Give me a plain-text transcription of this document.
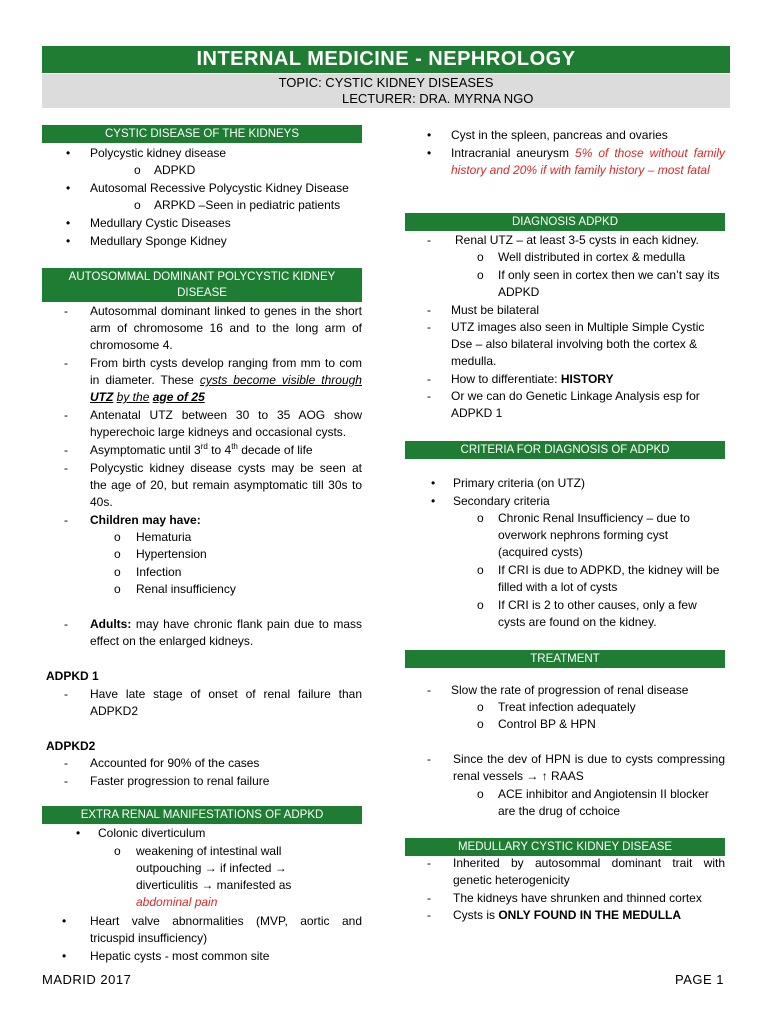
INTERNAL MEDICINE - NEPHROLOGY
TOPIC: CYSTIC KIDNEY DISEASES
LECTURER: DRA. MYRNA NGO
CYSTIC DISEASE OF THE KIDNEYS
• Polycystic kidney disease
o ADPKD
• Autosomal Recessive Polycystic Kidney Disease
o ARPKD –Seen in pediatric patients
• Medullary Cystic Diseases
• Medullary Sponge Kidney
AUTOSOMMAL DOMINANT POLYCYSTIC KIDNEY DISEASE
- Autosommal dominant linked to genes in the short arm of chromosome 16 and to the long arm of chromosome 4.
- From birth cysts develop ranging from mm to com in diameter. These cysts become visible through UTZ by the age of 25
- Antenatal UTZ between 30 to 35 AOG show hyperechoic large kidneys and occasional cysts.
- Asymptomatic until 3rd to 4th decade of life
- Polycystic kidney disease cysts may be seen at the age of 20, but remain asymptomatic till 30s to 40s.
- Children may have:
o Hematuria
o Hypertension
o Infection
o Renal insufficiency
- Adults: may have chronic flank pain due to mass effect on the enlarged kidneys.
ADPKD 1
- Have late stage of onset of renal failure than ADPKD2
ADPKD2
- Accounted for 90% of the cases
- Faster progression to renal failure
EXTRA RENAL MANIFESTATIONS OF ADPKD
• Colonic diverticulum
o weakening of intestinal wall outpouching → if infected → diverticulitis → manifested as abdominal pain
• Heart valve abnormalities (MVP, aortic and tricuspid insufficiency)
• Hepatic cysts - most common site
• Cyst in the spleen, pancreas and ovaries
• Intracranial aneurysm 5% of those without family history and 20% if with family history – most fatal
DIAGNOSIS ADPKD
- Renal UTZ – at least 3-5 cysts in each kidney.
o Well distributed in cortex & medulla
o If only seen in cortex then we can’t say its ADPKD
- Must be bilateral
- UTZ images also seen in Multiple Simple Cystic Dse – also bilateral involving both the cortex & medulla.
- How to differentiate: HISTORY
- Or we can do Genetic Linkage Analysis esp for ADPKD 1
CRITERIA FOR DIAGNOSIS OF ADPKD
• Primary criteria (on UTZ)
• Secondary criteria
o Chronic Renal Insufficiency – due to overwork nephrons forming cyst (acquired cysts)
o If CRI is due to ADPKD, the kidney will be filled with a lot of cysts
o If CRI is 2 to other causes, only a few cysts are found on the kidney.
TREATMENT
- Slow the rate of progression of renal disease
o Treat infection adequately
o Control BP & HPN
- Since the dev of HPN is due to cysts compressing renal vessels → ↑ RAAS
o ACE inhibitor and Angiotensin II blocker are the drug of cchoice
MEDULLARY CYSTIC KIDNEY DISEASE
- Inherited by autosommal dominant trait with genetic heterogenicity
- The kidneys have shrunken and thinned cortex
- Cysts is ONLY FOUND IN THE MEDULLA
MADRID 2017	PAGE 1
